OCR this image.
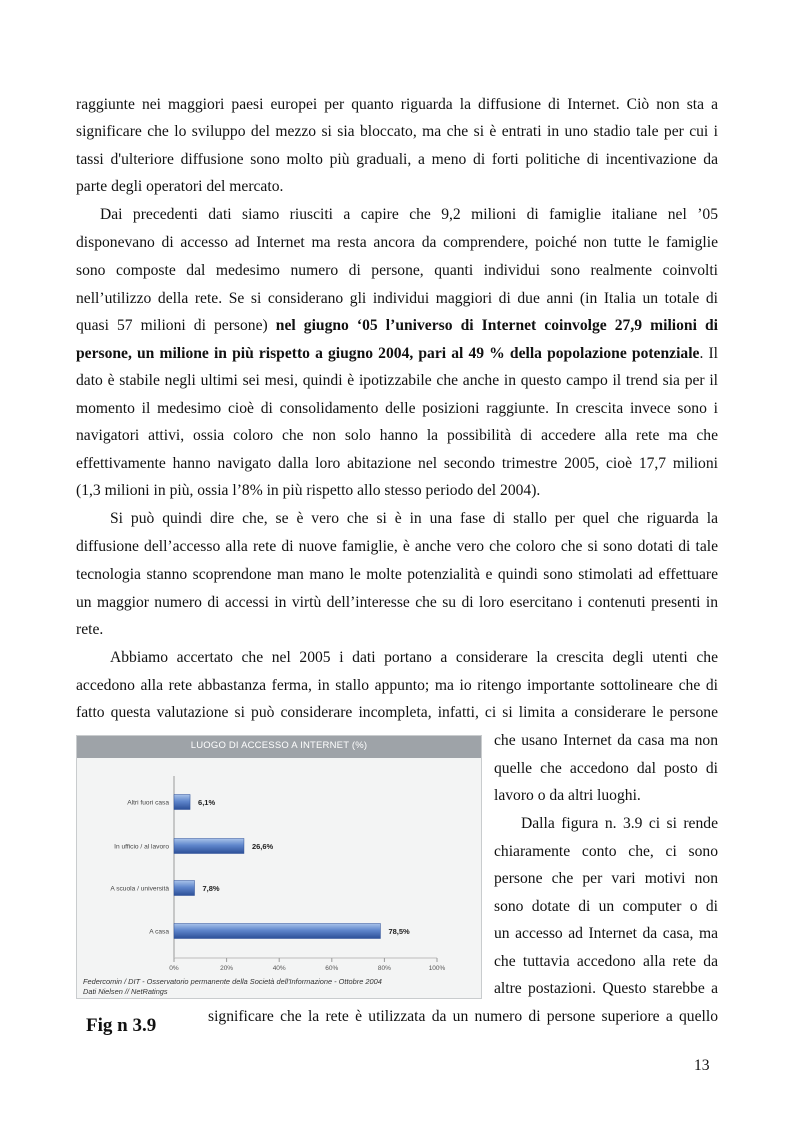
raggiunte nei maggiori paesi europei per quanto riguarda la diffusione di Internet. Ciò non sta a
significare che lo sviluppo del mezzo si sia bloccato, ma che si è entrati in uno stadio tale per cui i
tassi d'ulteriore diffusione sono molto più graduali, a meno di forti politiche di incentivazione da
parte degli operatori del mercato.
Dai precedenti dati siamo riusciti a capire che 9,2 milioni di famiglie italiane nel ’05
disponevano di accesso ad Internet ma resta ancora da comprendere, poiché non tutte le famiglie
sono composte dal medesimo numero di persone, quanti individui sono realmente coinvolti
nell’utilizzo della rete. Se si considerano gli individui maggiori di due anni (in Italia un totale di
quasi 57 milioni di persone) nel giugno ‘05 l’universo di Internet coinvolge 27,9 milioni di
persone, un milione in più rispetto a giugno 2004, pari al 49 % della popolazione potenziale. Il
dato è stabile negli ultimi sei mesi, quindi è ipotizzabile che anche in questo campo il trend sia per il
momento il medesimo cioè di consolidamento delle posizioni raggiunte. In crescita invece sono i
navigatori attivi, ossia coloro che non solo hanno la possibilità di accedere alla rete ma che
effettivamente hanno navigato dalla loro abitazione nel secondo trimestre 2005, cioè 17,7 milioni
(1,3 milioni in più, ossia l’8% in più rispetto allo stesso periodo del 2004).
Si può quindi dire che, se è vero che si è in una fase di stallo per quel che riguarda la
diffusione dell’accesso alla rete di nuove famiglie, è anche vero che coloro che si sono dotati di tale
tecnologia stanno scoprendone man mano le molte potenzialità e quindi sono stimolati ad effettuare
un maggior numero di accessi in virtù dell’interesse che su di loro esercitano i contenuti presenti in
rete.
Abbiamo accertato che nel 2005 i dati portano a considerare la crescita degli utenti che
accedono alla rete abbastanza ferma, in stallo appunto; ma io ritengo importante sottolineare che di
fatto questa valutazione si può considerare incompleta, infatti, ci si limita a considerare le persone
che usano Internet da casa ma non
quelle che accedono dal posto di
lavoro o da altri luoghi.
Dalla figura n. 3.9 ci si rende
chiaramente conto che, ci sono
persone che per vari motivi non
sono dotate di un computer o di
un accesso ad Internet da casa, ma
che tuttavia accedono alla rete da
altre postazioni. Questo starebbe a
LUOGO DI ACCESSO A INTERNET (%)
0%	20%	40%	60%	80%	100%
Altri fuori casa	6,1%
In ufficio / al lavoro	26,6%
A scuola / università	7,8%
A casa	78,5%
Federcomin / DIT - Osservatorio permanente della Società dell'Informazione - Ottobre 2004
Dati Nielsen // NetRatings
Fig n 3.9	significare che la rete è utilizzata da un numero di persone superiore a quello
13
